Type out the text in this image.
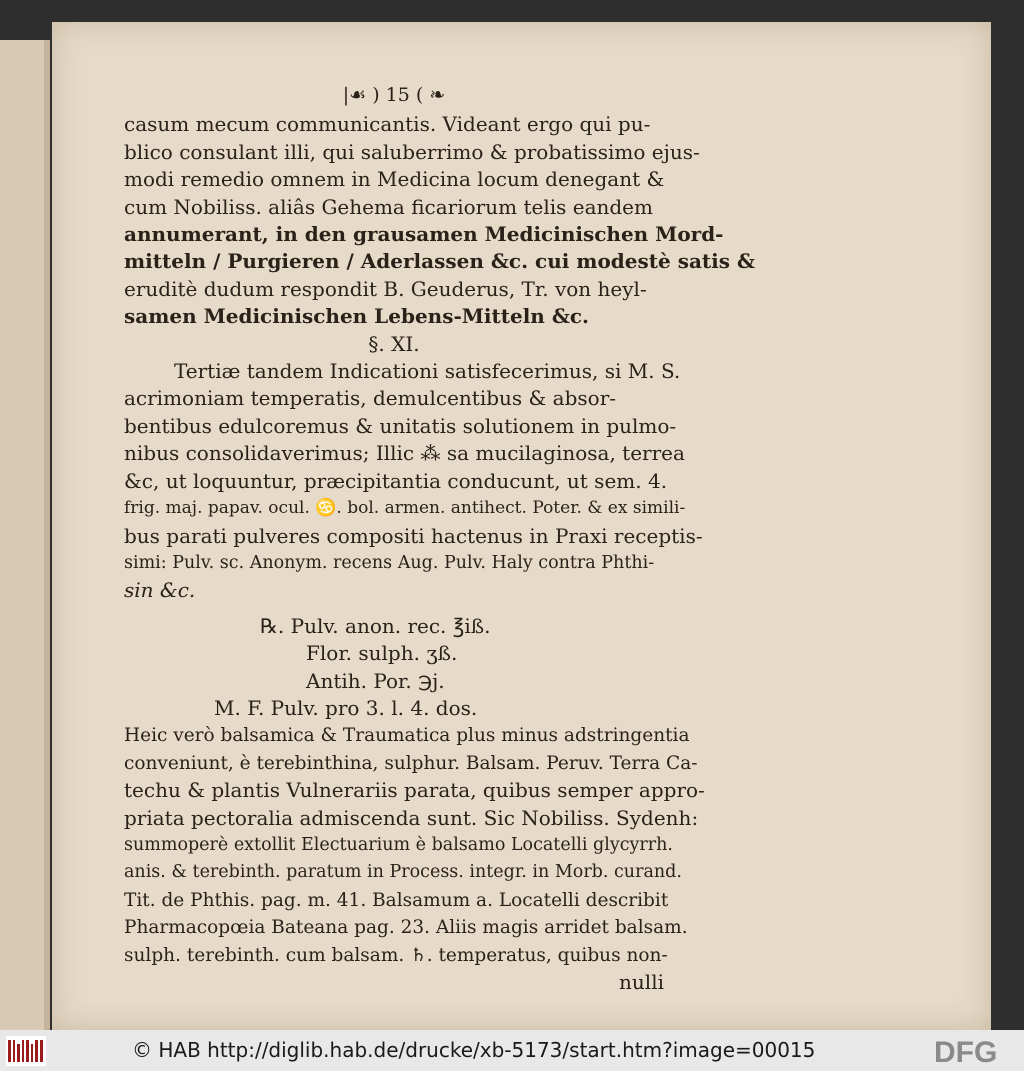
|☙ ) 15 ( ❧
casum mecum communicantis. Videant ergo qui pu-
blico consulant illi, qui saluberrimo & probatissimo ejus-
modi remedio omnem in Medicina locum denegant &
cum Nobiliss. aliâs Gehema ficariorum telis eandem
annumerant, in den grausamen Medicinischen Mord-
mitteln / Purgieren / Aderlassen &c. cui modestè satis &
eruditè dudum respondit B. Geuderus, Tr. von heyl-
samen Medicinischen Lebens-Mitteln &c.
§. XI.
Tertiæ tandem Indicationi satisfecerimus, si M. S.
acrimoniam temperatis, demulcentibus & absor-
bentibus edulcoremus & unitatis solutionem in pulmo-
nibus consolidaverimus; Illic ⁂ sa mucilaginosa, terrea
&c, ut loquuntur, præcipitantia conducunt, ut sem. 4.
frig. maj. papav. ocul. ♋. bol. armen. antihect. Poter. & ex simili-
bus parati pulveres compositi hactenus in Praxi receptis-
simi: Pulv. sc. Anonym. recens Aug. Pulv. Haly contra Phthi-
sin &c.
℞. Pulv. anon. rec. ℥iß.
Flor. sulph. ʒß.
Antih. Por. ℈j.
M. F. Pulv. pro 3. l. 4. dos.
Heic verò balsamica & Traumatica plus minus adstringentia
conveniunt, è terebinthina, sulphur. Balsam. Peruv. Terra Ca-
techu & plantis Vulnerariis parata, quibus semper appro-
priata pectoralia admiscenda sunt. Sic Nobiliss. Sydenh:
summoperè extollit Electuarium è balsamo Locatelli glycyrrh.
anis. & terebinth. paratum in Process. integr. in Morb. curand.
Tit. de Phthis. pag. m. 41. Balsamum a. Locatelli describit
Pharmacopœia Bateana pag. 23. Aliis magis arridet balsam.
sulph. terebinth. cum balsam. ♄. temperatus, quibus non-
nulli
© HAB http://diglib.hab.de/drucke/xb-5173/start.htm?image=00015	DFG
